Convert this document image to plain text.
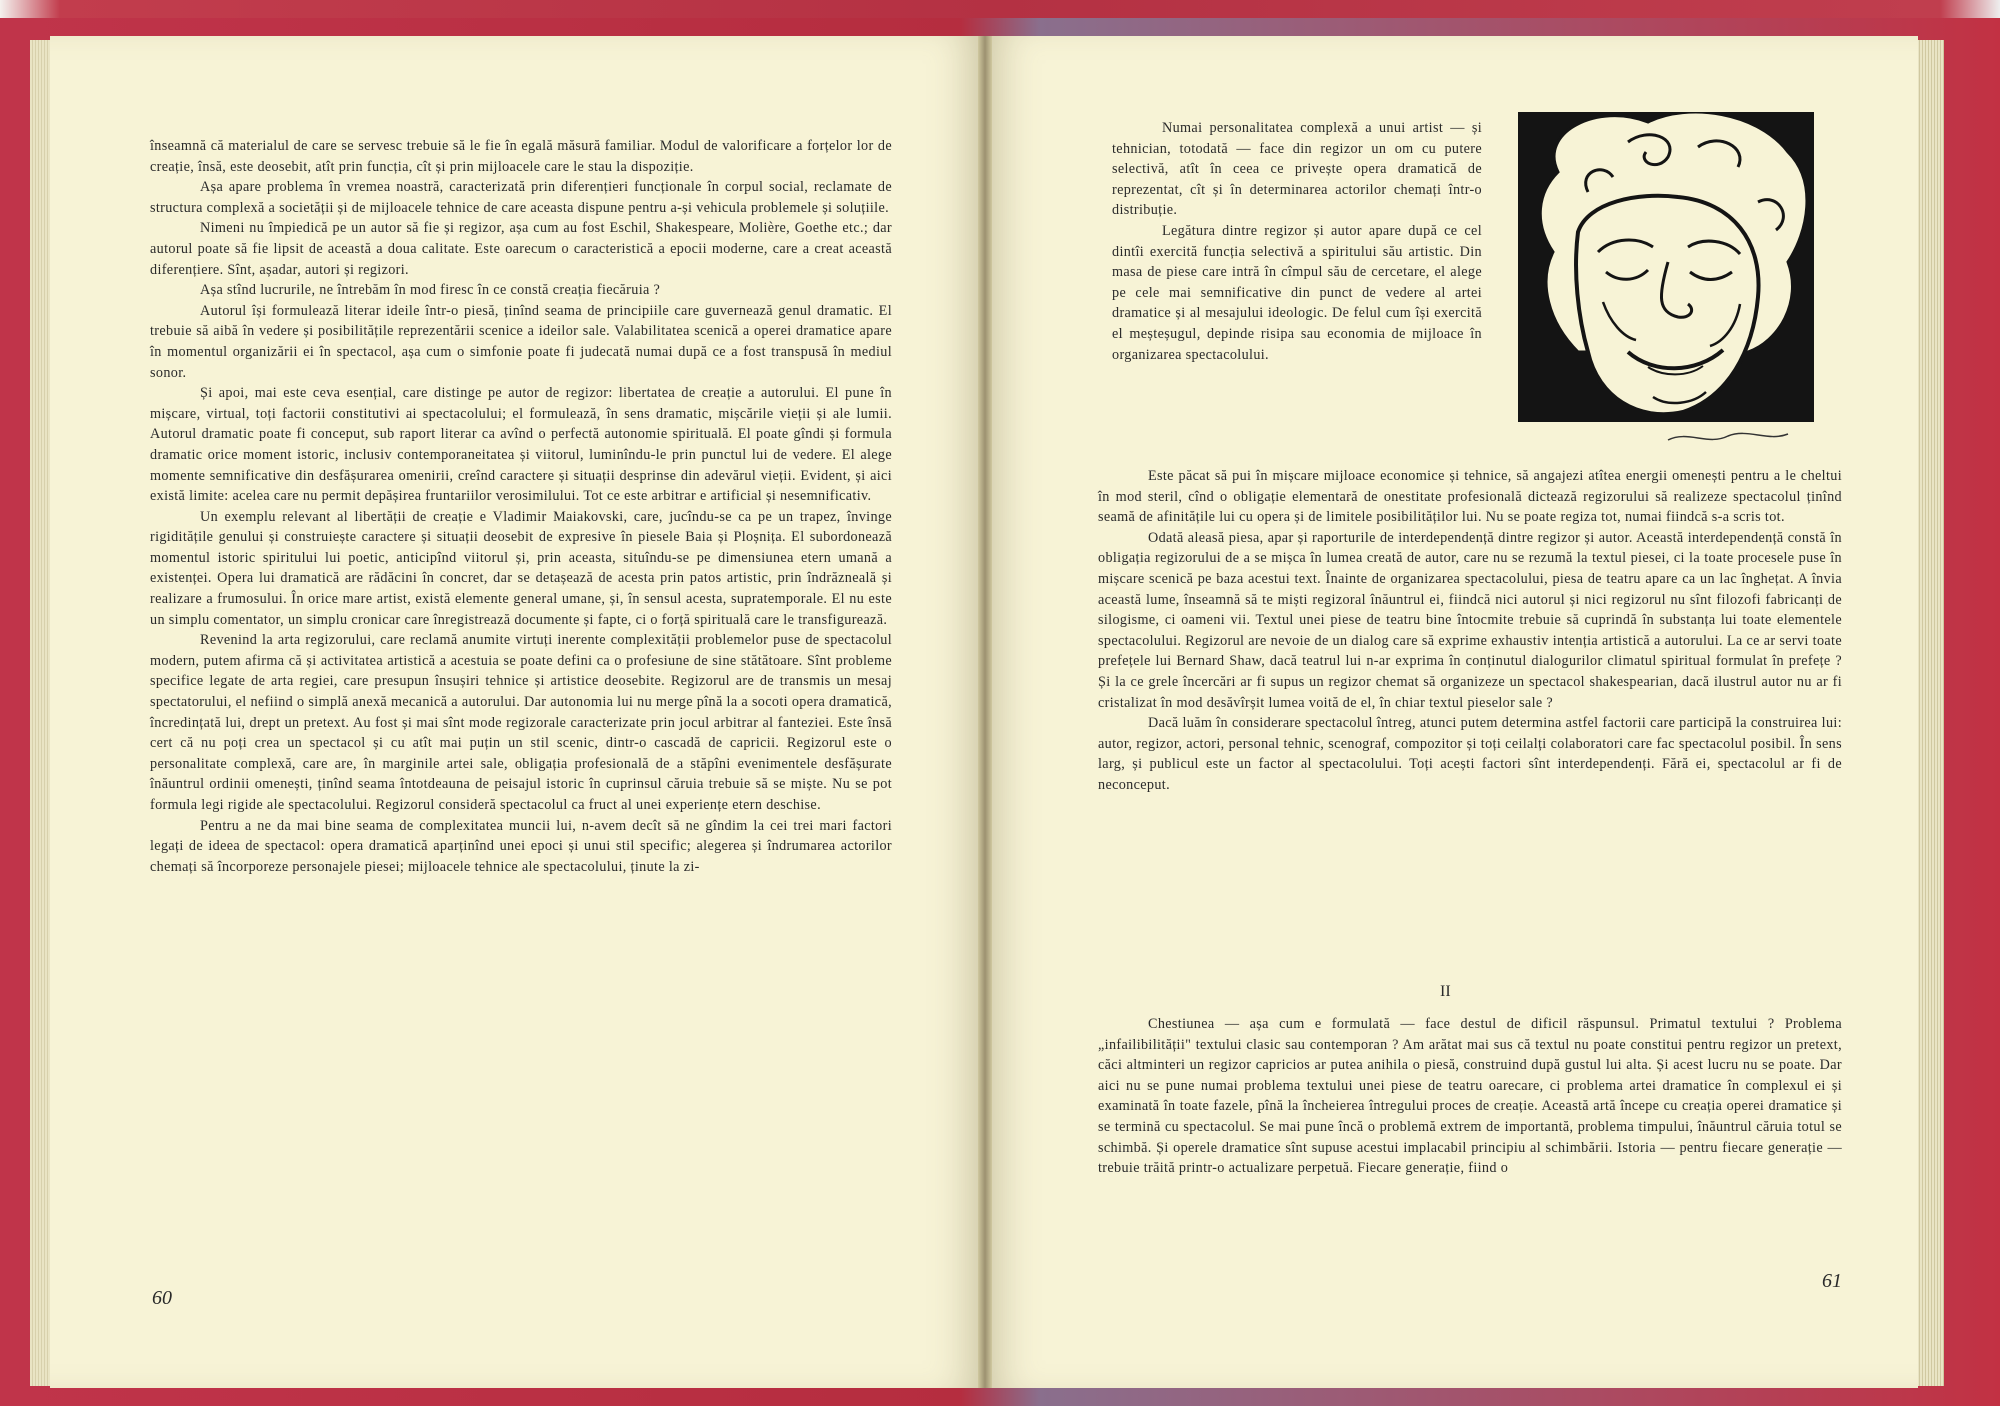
înseamnă că materialul de care se servesc trebuie să le fie în egală măsură familiar. Modul de valorificare a forțelor lor de creație, însă, este deosebit, atît prin funcția, cît și prin mijloacele care le stau la dispoziție.

Așa apare problema în vremea noastră, caracterizată prin diferențieri funcționale în corpul social, reclamate de structura complexă a societății și de mijloacele tehnice de care aceasta dispune pentru a-și vehicula problemele și soluțiile.

Nimeni nu împiedică pe un autor să fie și regizor, așa cum au fost Eschil, Shakespeare, Molière, Goethe etc.; dar autorul poate să fie lipsit de această a doua calitate. Este oarecum o caracteristică a epocii moderne, care a creat această diferențiere. Sînt, așadar, autori și regizori.

Așa stînd lucrurile, ne întrebăm în mod firesc în ce constă creația fiecăruia ?

Autorul își formulează literar ideile într-o piesă, ținînd seama de principiile care guvernează genul dramatic. El trebuie să aibă în vedere și posibilitățile reprezentării scenice a ideilor sale. Valabilitatea scenică a operei dramatice apare în momentul organizării ei în spectacol, așa cum o simfonie poate fi judecată numai după ce a fost transpusă în mediul sonor.

Și apoi, mai este ceva esențial, care distinge pe autor de regizor: libertatea de creație a autorului. El pune în mișcare, virtual, toți factorii constitutivi ai spectacolului; el formulează, în sens dramatic, mișcările vieții și ale lumii. Autorul dramatic poate fi conceput, sub raport literar ca avînd o perfectă autonomie spirituală. El poate gîndi și formula dramatic orice moment istoric, inclusiv contemporaneitatea și viitorul, luminîndu-le prin punctul lui de vedere. El alege momente semnificative din desfășurarea omenirii, creînd caractere și situații desprinse din adevărul vieții. Evident, și aici există limite: acelea care nu permit depășirea fruntariilor verosimilului. Tot ce este arbitrar e artificial și nesemnificativ.

Un exemplu relevant al libertății de creație e Vladimir Maiakovski, care, jucîndu-se ca pe un trapez, învinge rigiditățile genului și construiește caractere și situații deosebit de expresive în piesele Baia și Ploșnița. El subordonează momentul istoric spiritului lui poetic, anticipînd viitorul și, prin aceasta, situîndu-se pe dimensiunea etern umană a existenței. Opera lui dramatică are rădăcini în concret, dar se detașează de acesta prin patos artistic, prin îndrăzneală și realizare a frumosului. În orice mare artist, există elemente general umane, și, în sensul acesta, supratemporale. El nu este un simplu comentator, un simplu cronicar care înregistrează documente și fapte, ci o forță spirituală care le transfigurează.

Revenind la arta regizorului, care reclamă anumite virtuți inerente complexității problemelor puse de spectacolul modern, putem afirma că și activitatea artistică a acestuia se poate defini ca o profesiune de sine stătătoare. Sînt probleme specifice legate de arta regiei, care presupun însușiri tehnice și artistice deosebite. Regizorul are de transmis un mesaj spectatorului, el nefiind o simplă anexă mecanică a autorului. Dar autonomia lui nu merge pînă la a socoti opera dramatică, încredințată lui, drept un pretext. Au fost și mai sînt mode regizorale caracterizate prin jocul arbitrar al fanteziei. Este însă cert că nu poți crea un spectacol și cu atît mai puțin un stil scenic, dintr-o cascadă de capricii. Regizorul este o personalitate complexă, care are, în marginile artei sale, obligația profesională de a stăpîni evenimentele desfășurate înăuntrul ordinii omenești, ținînd seama întotdeauna de peisajul istoric în cuprinsul căruia trebuie să se miște. Nu se pot formula legi rigide ale spectacolului. Regizorul consideră spectacolul ca fruct al unei experiențe etern deschise.

Pentru a ne da mai bine seama de complexitatea muncii lui, n-avem decît să ne gîndim la cei trei mari factori legați de ideea de spectacol: opera dramatică aparținînd unei epoci și unui stil specific; alegerea și îndrumarea actorilor chemați să încorporeze personajele piesei; mijloacele tehnice ale spectacolului, ținute la zi-

60

Numai personalitatea complexă a unui artist — și tehnician, totodată — face din regizor un om cu putere selectivă, atît în ceea ce privește opera dramatică de reprezentat, cît și în determinarea actorilor chemați într-o distribuție.

Legătura dintre regizor și autor apare după ce cel dintîi exercită funcția selectivă a spiritului său artistic. Din masa de piese care intră în cîmpul său de cercetare, el alege pe cele mai semnificative din punct de vedere al artei dramatice și al mesajului ideologic. De felul cum își exercită el meșteșugul, depinde risipa sau economia de mijloace în organizarea spectacolului.

Este păcat să pui în mișcare mijloace economice și tehnice, să angajezi atîtea energii omenești pentru a le cheltui în mod steril, cînd o obligație elementară de onestitate profesională dictează regizorului să realizeze spectacolul ținînd seamă de afinitățile lui cu opera și de limitele posibilităților lui. Nu se poate regiza tot, numai fiindcă s-a scris tot.

Odată aleasă piesa, apar și raporturile de interdependență dintre regizor și autor. Această interdependență constă în obligația regizorului de a se mișca în lumea creată de autor, care nu se rezumă la textul piesei, ci la toate procesele puse în mișcare scenică pe baza acestui text. Înainte de organizarea spectacolului, piesa de teatru apare ca un lac înghețat. A învia această lume, înseamnă să te miști regizoral înăuntrul ei, fiindcă nici autorul și nici regizorul nu sînt filozofi fabricanți de silogisme, ci oameni vii. Textul unei piese de teatru bine întocmite trebuie să cuprindă în substanța lui toate elementele spectacolului. Regizorul are nevoie de un dialog care să exprime exhaustiv intenția artistică a autorului. La ce ar servi toate prefețele lui Bernard Shaw, dacă teatrul lui n-ar exprima în conținutul dialogurilor climatul spiritual formulat în prefețe ? Și la ce grele încercări ar fi supus un regizor chemat să organizeze un spectacol shakespearian, dacă ilustrul autor nu ar fi cristalizat în mod desăvîrșit lumea voită de el, în chiar textul pieselor sale ?

Dacă luăm în considerare spectacolul întreg, atunci putem determina astfel factorii care participă la construirea lui: autor, regizor, actori, personal tehnic, scenograf, compozitor și toți ceilalți colaboratori care fac spectacolul posibil. În sens larg, și publicul este un factor al spectacolului. Toți acești factori sînt interdependenți. Fără ei, spectacolul ar fi de neconceput.

II

Chestiunea — așa cum e formulată — face destul de dificil răspunsul. Primatul textului ? Problema „infailibilității" textului clasic sau contemporan ? Am arătat mai sus că textul nu poate constitui pentru regizor un pretext, căci altminteri un regizor capricios ar putea anihila o piesă, construind după gustul lui alta. Și acest lucru nu se poate. Dar aici nu se pune numai problema textului unei piese de teatru oarecare, ci problema artei dramatice în complexul ei și examinată în toate fazele, pînă la încheierea întregului proces de creație. Această artă începe cu creația operei dramatice și se termină cu spectacolul. Se mai pune încă o problemă extrem de importantă, problema timpului, înăuntrul căruia totul se schimbă. Și operele dramatice sînt supuse acestui implacabil principiu al schimbării. Istoria — pentru fiecare generație — trebuie trăită printr-o actualizare perpetuă. Fiecare generație, fiind o

61
